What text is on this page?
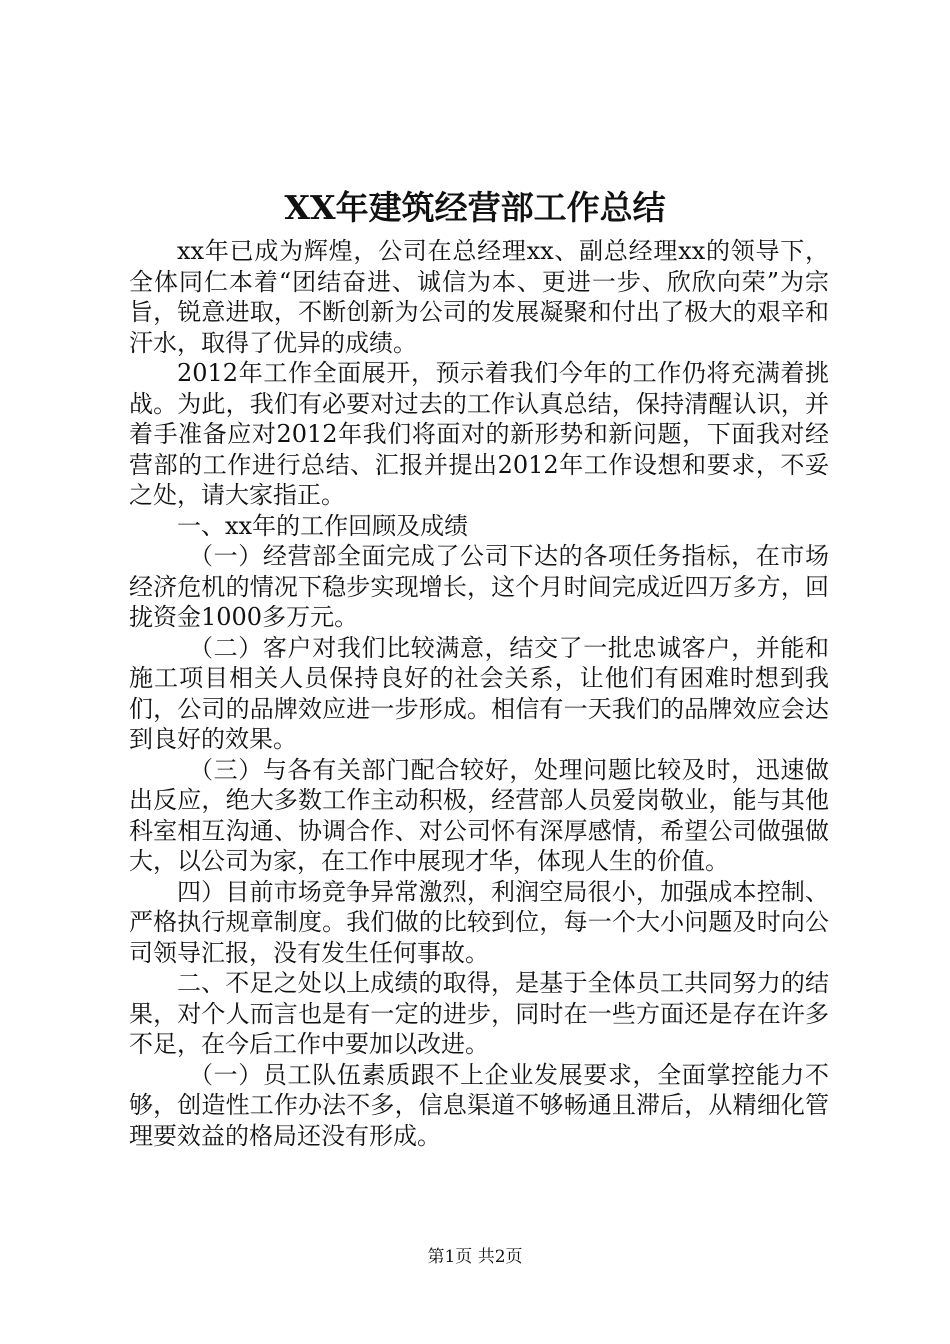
XX年建筑经营部工作总结

xx年已成为辉煌，公司在总经理xx、副总经理xx的领导下，全体同仁本着“团结奋进、诚信为本、更进一步、欣欣向荣”为宗旨，锐意进取，不断创新为公司的发展凝聚和付出了极大的艰辛和汗水，取得了优异的成绩。

2012年工作全面展开，预示着我们今年的工作仍将充满着挑战。为此，我们有必要对过去的工作认真总结，保持清醒认识，并着手准备应对2012年我们将面对的新形势和新问题，下面我对经营部的工作进行总结、汇报并提出2012年工作设想和要求，不妥之处，请大家指正。

一、xx年的工作回顾及成绩

（一）经营部全面完成了公司下达的各项任务指标，在市场经济危机的情况下稳步实现增长，这个月时间完成近四万多方，回拢资金1000多万元。

（二）客户对我们比较满意，结交了一批忠诚客户，并能和施工项目相关人员保持良好的社会关系，让他们有困难时想到我们，公司的品牌效应进一步形成。相信有一天我们的品牌效应会达到良好的效果。

（三）与各有关部门配合较好，处理问题比较及时，迅速做出反应，绝大多数工作主动积极，经营部人员爱岗敬业，能与其他科室相互沟通、协调合作、对公司怀有深厚感情，希望公司做强做大，以公司为家，在工作中展现才华，体现人生的价值。

四）目前市场竞争异常激烈，利润空局很小，加强成本控制、严格执行规章制度。我们做的比较到位，每一个大小问题及时向公司领导汇报，没有发生任何事故。

二、不足之处以上成绩的取得，是基于全体员工共同努力的结果，对个人而言也是有一定的进步，同时在一些方面还是存在许多不足，在今后工作中要加以改进。

（一）员工队伍素质跟不上企业发展要求，全面掌控能力不够，创造性工作办法不多，信息渠道不够畅通且滞后，从精细化管理要效益的格局还没有形成。

第1页 共2页
